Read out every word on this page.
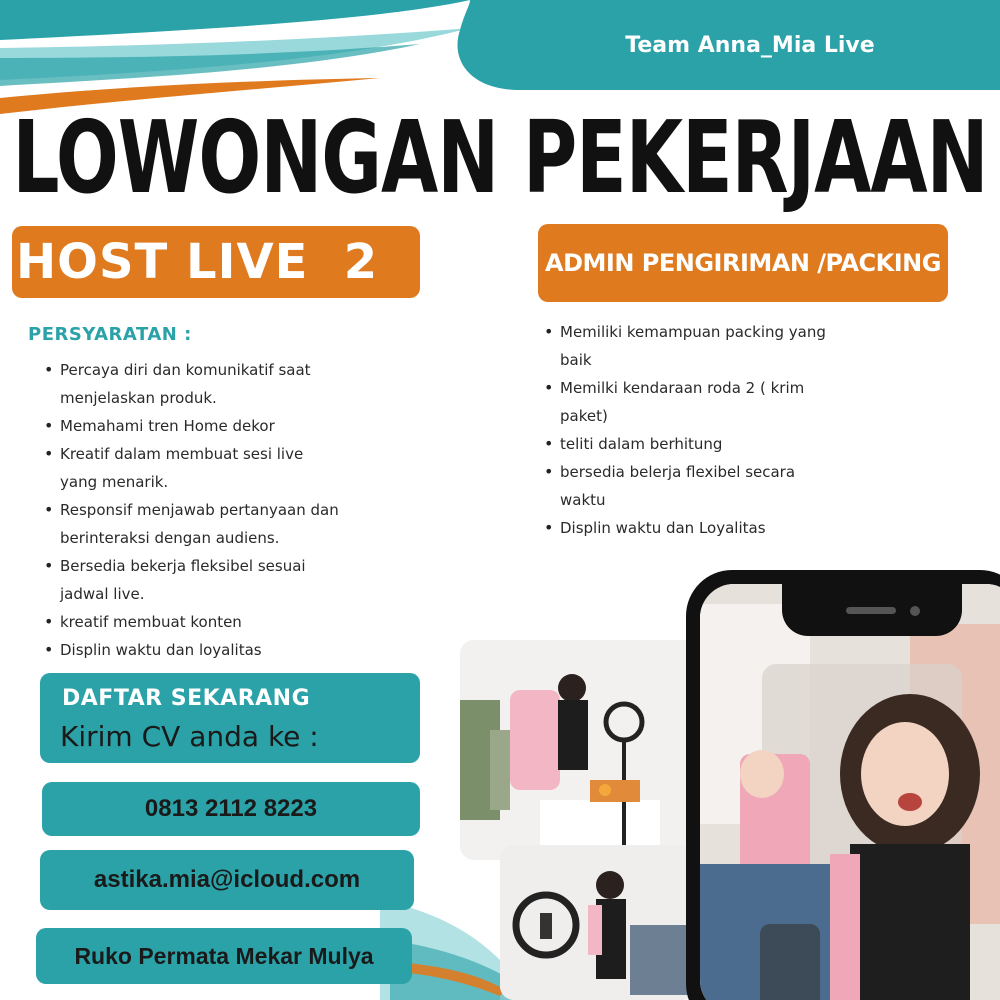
Team Anna_Mia Live
LOWONGAN PEKERJAAN
HOST LIVE  2	ADMIN PENGIRIMAN /PACKING
PERSYARATAN :
• Percaya diri dan komunikatif saat
menjelaskan produk.
• Memahami tren Home dekor
• Kreatif dalam membuat sesi live
yang menarik.
• Responsif menjawab pertanyaan dan
berinteraksi dengan audiens.
• Bersedia bekerja fleksibel sesuai
jadwal live.
• kreatif membuat konten
• Displin waktu dan loyalitas
• Memiliki kemampuan packing yang
baik
• Memilki kendaraan roda 2 ( krim
paket)
• teliti dalam berhitung
• bersedia belerja flexibel secara
waktu
• Displin waktu dan Loyalitas
DAFTAR SEKARANG
Kirim CV anda ke :
0813 2112 8223
astika.mia@icloud.com
Ruko Permata Mekar Mulya
